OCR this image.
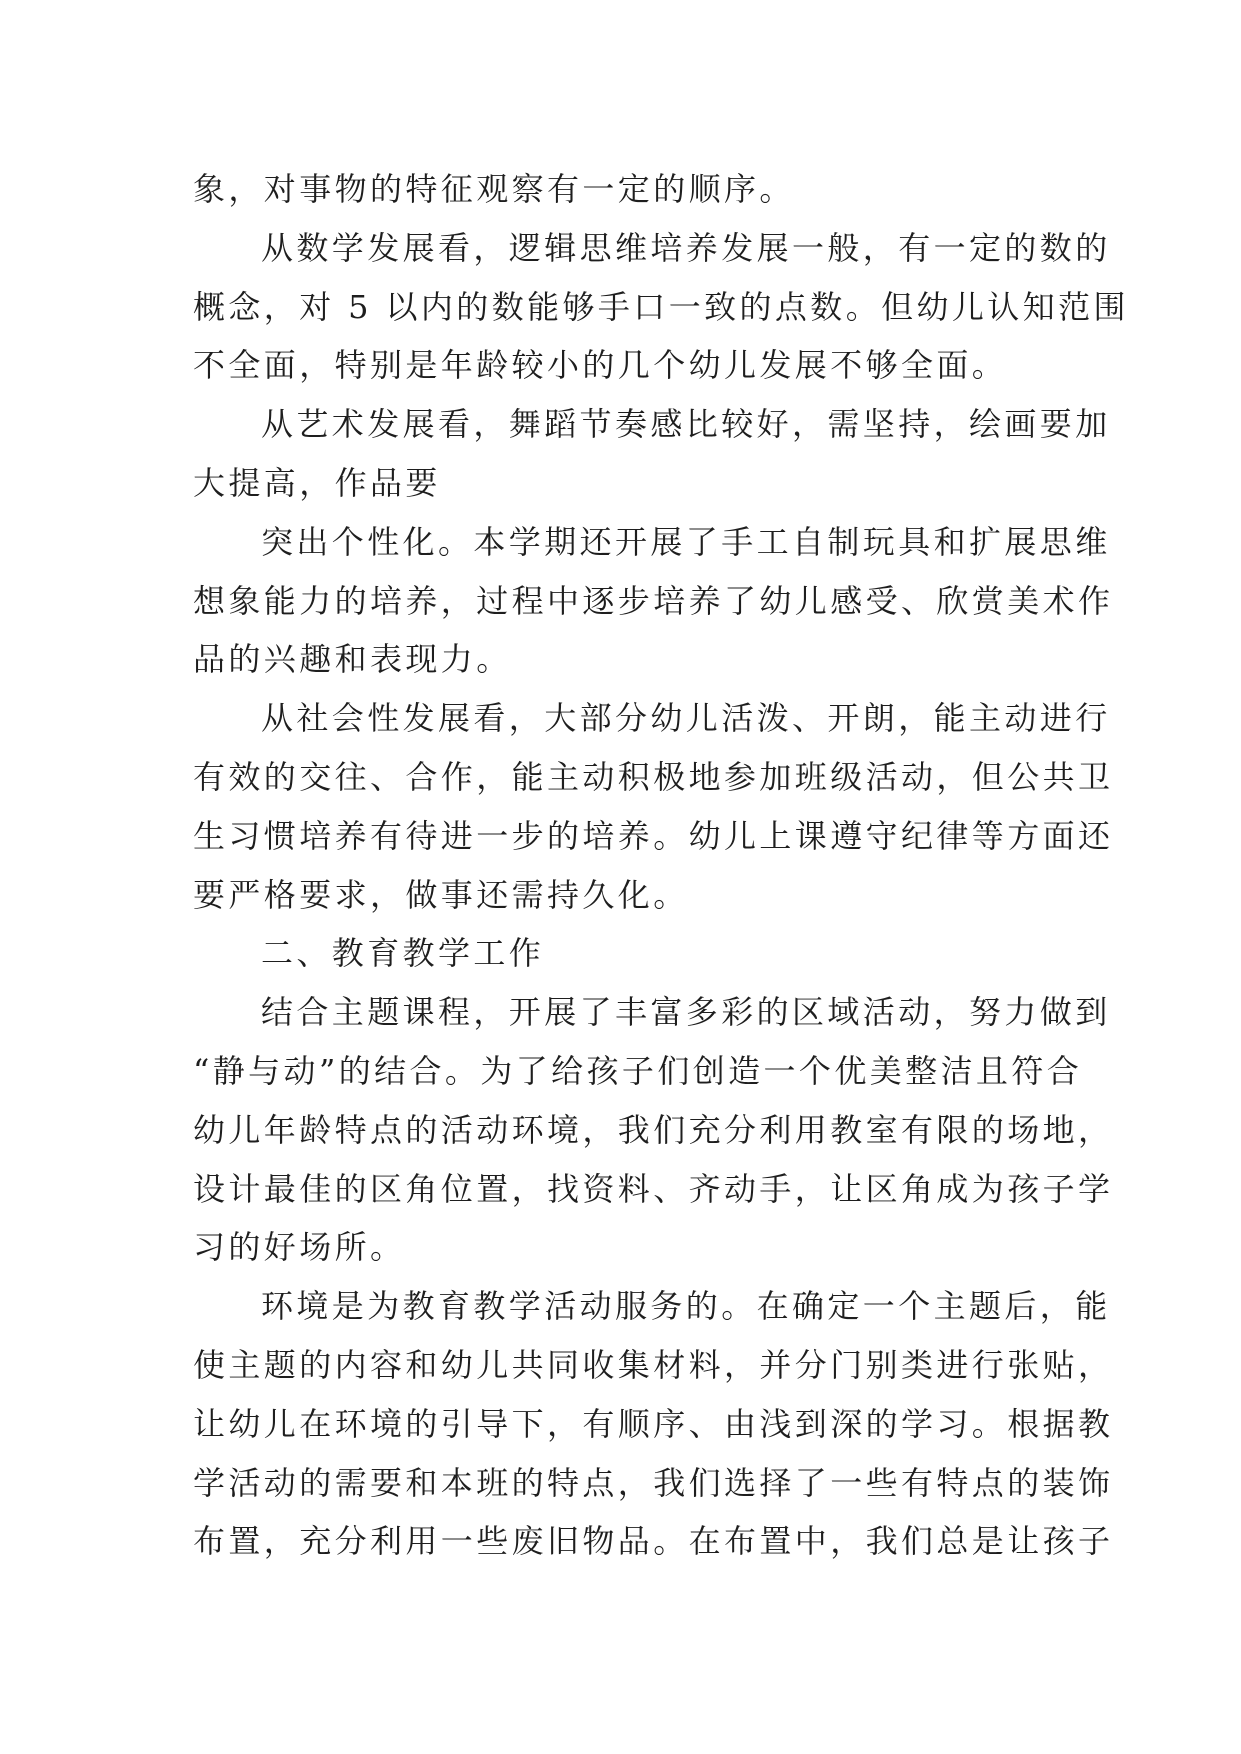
象，对事物的特征观察有一定的顺序。
从数学发展看，逻辑思维培养发展一般，有一定的数的
概念，对 5 以内的数能够手口一致的点数。但幼儿认知范围
不全面，特别是年龄较小的几个幼儿发展不够全面。
从艺术发展看，舞蹈节奏感比较好，需坚持，绘画要加
大提高，作品要
突出个性化。本学期还开展了手工自制玩具和扩展思维
想象能力的培养，过程中逐步培养了幼儿感受、欣赏美术作
品的兴趣和表现力。
从社会性发展看，大部分幼儿活泼、开朗，能主动进行
有效的交往、合作，能主动积极地参加班级活动，但公共卫
生习惯培养有待进一步的培养。幼儿上课遵守纪律等方面还
要严格要求，做事还需持久化。
二、教育教学工作
结合主题课程，开展了丰富多彩的区域活动，努力做到
“静与动”的结合。为了给孩子们创造一个优美整洁且符合
幼儿年龄特点的活动环境，我们充分利用教室有限的场地，
设计最佳的区角位置，找资料、齐动手，让区角成为孩子学
习的好场所。
环境是为教育教学活动服务的。在确定一个主题后，能
使主题的内容和幼儿共同收集材料，并分门别类进行张贴，
让幼儿在环境的引导下，有顺序、由浅到深的学习。根据教
学活动的需要和本班的特点，我们选择了一些有特点的装饰
布置，充分利用一些废旧物品。在布置中，我们总是让孩子
